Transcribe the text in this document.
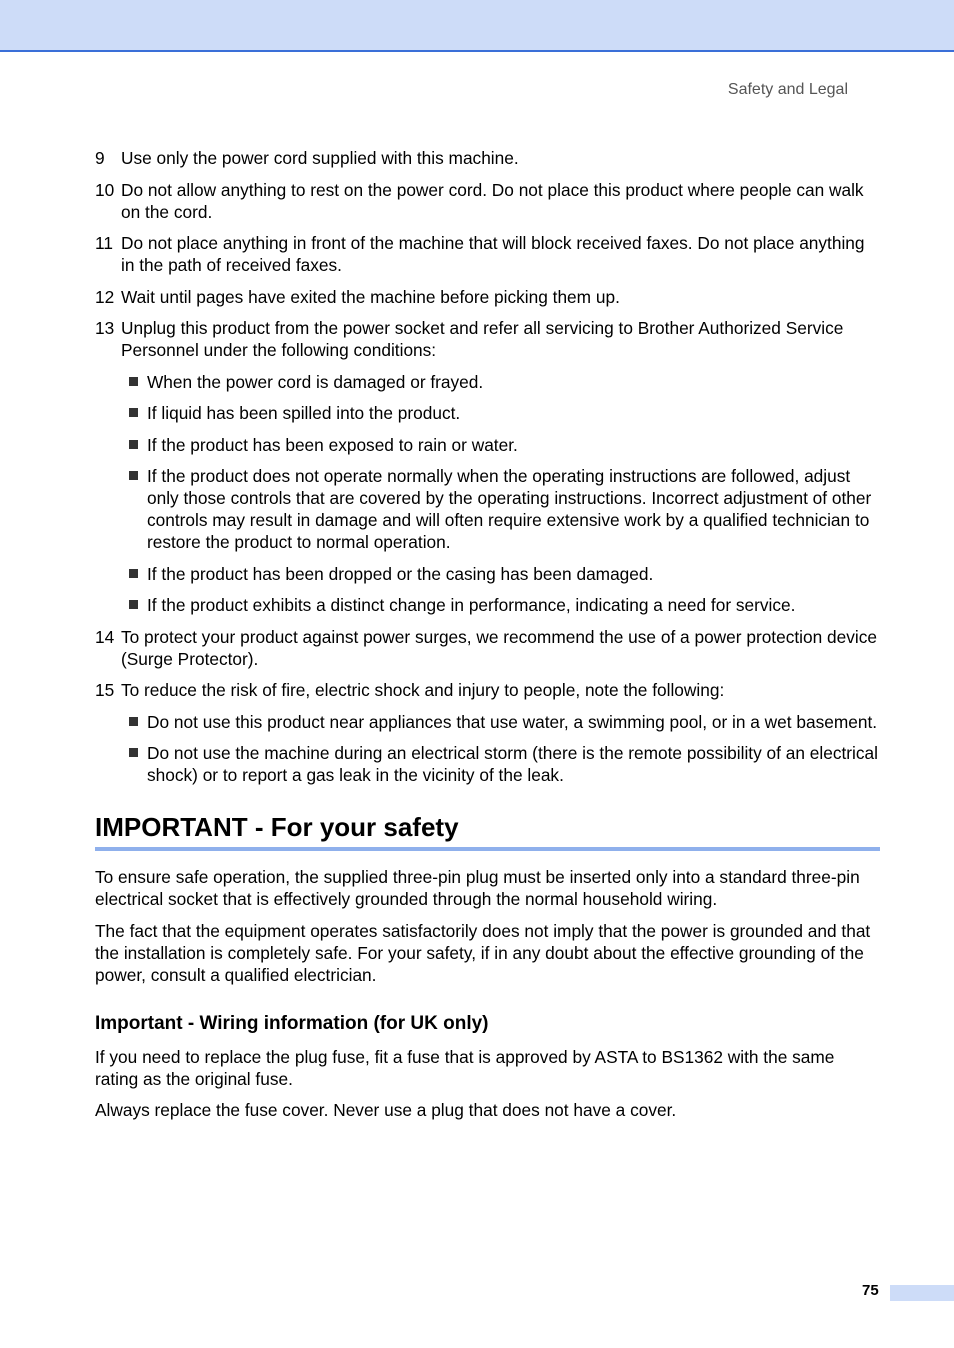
Safety and Legal
9 Use only the power cord supplied with this machine.
10 Do not allow anything to rest on the power cord. Do not place this product where people can walk on the cord.
11 Do not place anything in front of the machine that will block received faxes. Do not place anything in the path of received faxes.
12 Wait until pages have exited the machine before picking them up.
13 Unplug this product from the power socket and refer all servicing to Brother Authorized Service Personnel under the following conditions:
When the power cord is damaged or frayed.
If liquid has been spilled into the product.
If the product has been exposed to rain or water.
If the product does not operate normally when the operating instructions are followed, adjust only those controls that are covered by the operating instructions. Incorrect adjustment of other controls may result in damage and will often require extensive work by a qualified technician to restore the product to normal operation.
If the product has been dropped or the casing has been damaged.
If the product exhibits a distinct change in performance, indicating a need for service.
14 To protect your product against power surges, we recommend the use of a power protection device (Surge Protector).
15 To reduce the risk of fire, electric shock and injury to people, note the following:
Do not use this product near appliances that use water, a swimming pool, or in a wet basement.
Do not use the machine during an electrical storm (there is the remote possibility of an electrical shock) or to report a gas leak in the vicinity of the leak.
IMPORTANT - For your safety

To ensure safe operation, the supplied three-pin plug must be inserted only into a standard three-pin electrical socket that is effectively grounded through the normal household wiring.

The fact that the equipment operates satisfactorily does not imply that the power is grounded and that the installation is completely safe. For your safety, if in any doubt about the effective grounding of the power, consult a qualified electrician.

Important - Wiring information (for UK only)

If you need to replace the plug fuse, fit a fuse that is approved by ASTA to BS1362 with the same rating as the original fuse.

Always replace the fuse cover. Never use a plug that does not have a cover.

75
